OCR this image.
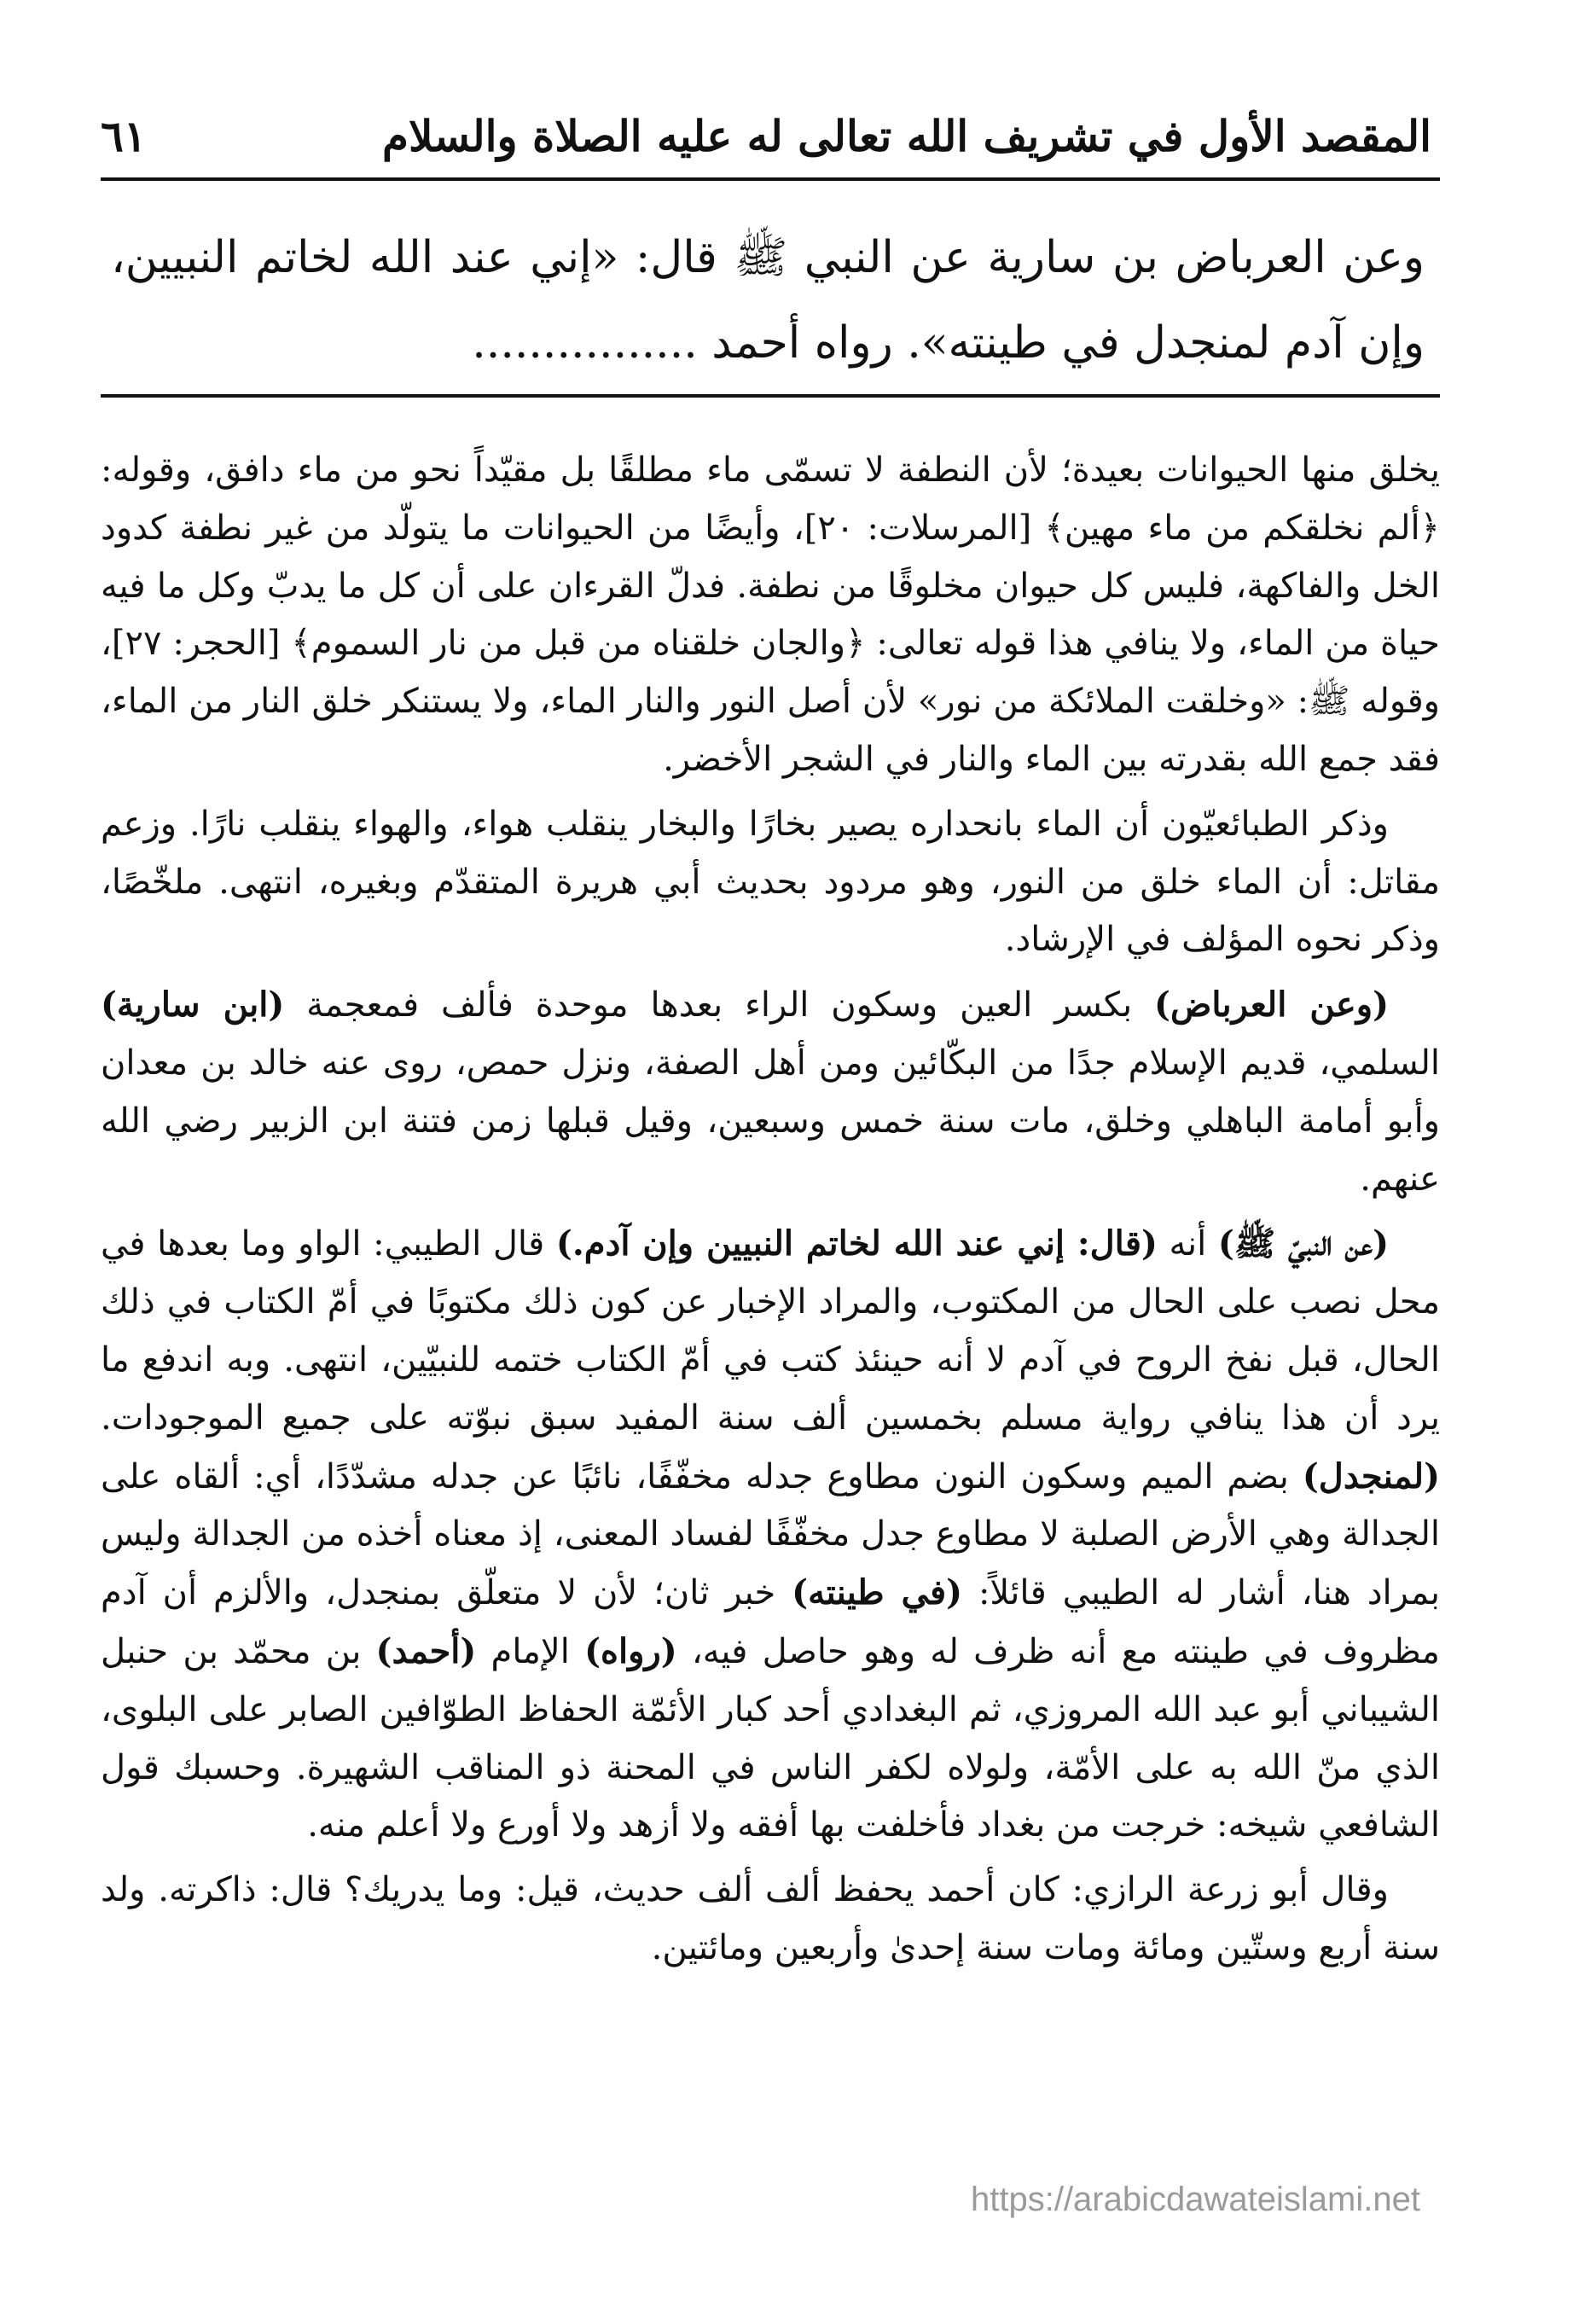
المقصد الأول في تشريف الله تعالى له عليه الصلاة والسلام
٦١
وعن العرباض بن سارية عن النبي ﷺ قال: «إني عند الله لخاتم النبيين، وإن آدم لمنجدل في طينته». رواه أحمد ................

يخلق منها الحيوانات بعيدة؛ لأن النطفة لا تسمّى ماء مطلقًا بل مقيّداً نحو من ماء دافق، وقوله: ﴿ألم نخلقكم من ماء مهين﴾ [المرسلات: ٢٠]، وأيضًا من الحيوانات ما يتولّد من غير نطفة كدود الخل والفاكهة، فليس كل حيوان مخلوقًا من نطفة. فدلّ القرءان على أن كل ما يدبّ وكل ما فيه حياة من الماء، ولا ينافي هذا قوله تعالى: ﴿والجان خلقناه من قبل من نار السموم﴾ [الحجر: ٢٧]، وقوله ﷺ: «وخلقت الملائكة من نور» لأن أصل النور والنار الماء، ولا يستنكر خلق النار من الماء، فقد جمع الله بقدرته بين الماء والنار في الشجر الأخضر.

وذكر الطبائعيّون أن الماء بانحداره يصير بخارًا والبخار ينقلب هواء، والهواء ينقلب نارًا. وزعم مقاتل: أن الماء خلق من النور، وهو مردود بحديث أبي هريرة المتقدّم وبغيره، انتهى. ملخّصًا، وذكر نحوه المؤلف في الإرشاد.

(وعن العرباض) بكسر العين وسكون الراء بعدها موحدة فألف فمعجمة (ابن سارية) السلمي، قديم الإسلام جدًا من البكّائين ومن أهل الصفة، ونزل حمص، روى عنه خالد بن معدان وأبو أمامة الباهلي وخلق، مات سنة خمس وسبعين، وقيل قبلها زمن فتنة ابن الزبير رضي الله عنهم.

(عن النبيّ ﷺ) أنه (قال: إني عند الله لخاتم النبيين وإن آدم.) قال الطيبي: الواو وما بعدها في محل نصب على الحال من المكتوب، والمراد الإخبار عن كون ذلك مكتوبًا في أمّ الكتاب في ذلك الحال، قبل نفخ الروح في آدم لا أنه حينئذ كتب في أمّ الكتاب ختمه للنبيّين، انتهى. وبه اندفع ما يرد أن هذا ينافي رواية مسلم بخمسين ألف سنة المفيد سبق نبوّته على جميع الموجودات. (لمنجدل) بضم الميم وسكون النون مطاوع جدله مخفّفًا، نائبًا عن جدله مشدّدًا، أي: ألقاه على الجدالة وهي الأرض الصلبة لا مطاوع جدل مخفّفًا لفساد المعنى، إذ معناه أخذه من الجدالة وليس بمراد هنا، أشار له الطيبي قائلاً: (في طينته) خبر ثان؛ لأن لا متعلّق بمنجدل، والألزم أن آدم مظروف في طينته مع أنه ظرف له وهو حاصل فيه، (رواه) الإمام (أحمد) بن محمّد بن حنبل الشيباني أبو عبد الله المروزي، ثم البغدادي أحد كبار الأئمّة الحفاظ الطوّافين الصابر على البلوى، الذي منّ الله به على الأمّة، ولولاه لكفر الناس في المحنة ذو المناقب الشهيرة. وحسبك قول الشافعي شيخه: خرجت من بغداد فأخلفت بها أفقه ولا أزهد ولا أورع ولا أعلم منه.

وقال أبو زرعة الرازي: كان أحمد يحفظ ألف ألف حديث، قيل: وما يدريك؟ قال: ذاكرته. ولد سنة أربع وستّين ومائة ومات سنة إحدىٰ وأربعين ومائتين.

https://arabicdawateislami.net
